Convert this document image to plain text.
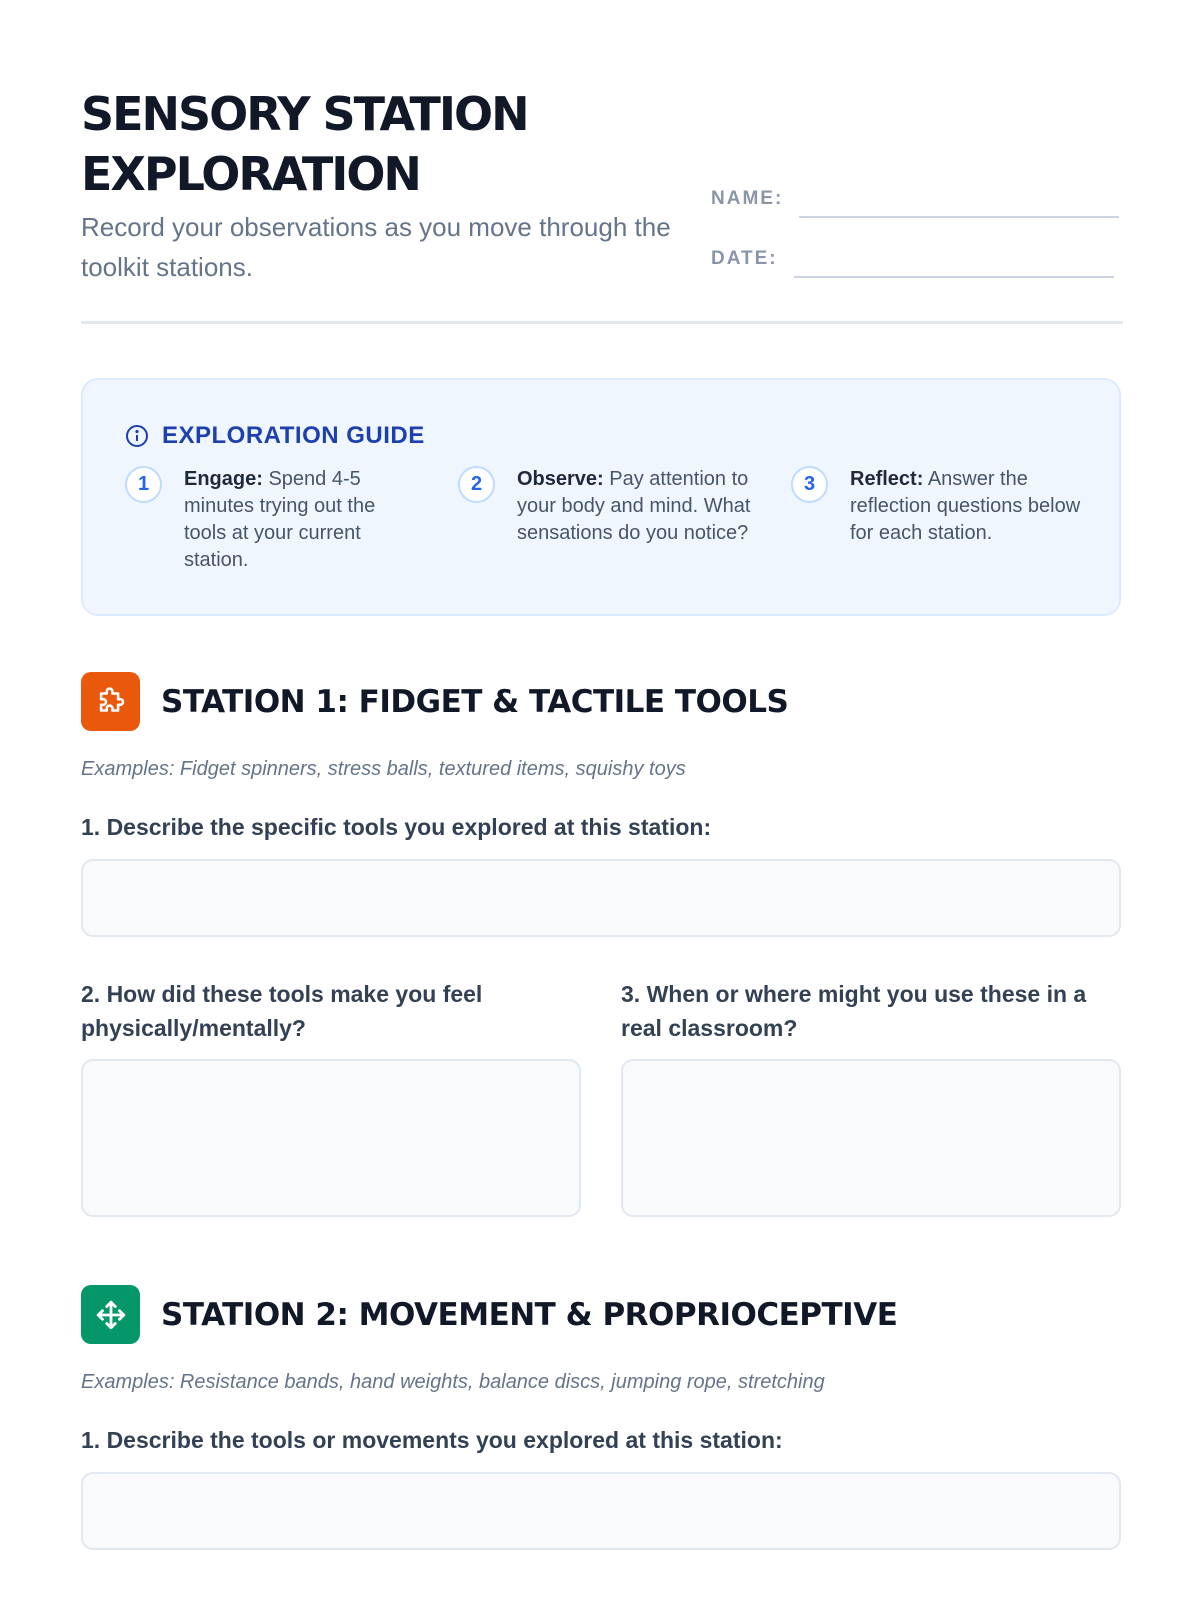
SENSORY STATION EXPLORATION

Record your observations as you move through the toolkit stations.

NAME:
DATE:
EXPLORATION GUIDE
1	Engage: Spend 4-5 minutes trying out the tools at your current station.
2	Observe: Pay attention to your body and mind. What sensations do you notice?
3	Reflect: Answer the reflection questions below for each station.
STATION 1: FIDGET & TACTILE TOOLS
Examples: Fidget spinners, stress balls, textured items, squishy toys

1. Describe the specific tools you explored at this station:

2. How did these tools make you feel physically/mentally?

3. When or where might you use these in a real classroom?

STATION 2: MOVEMENT & PROPRIOCEPTIVE
Examples: Resistance bands, hand weights, balance discs, jumping rope, stretching

1. Describe the tools or movements you explored at this station:
